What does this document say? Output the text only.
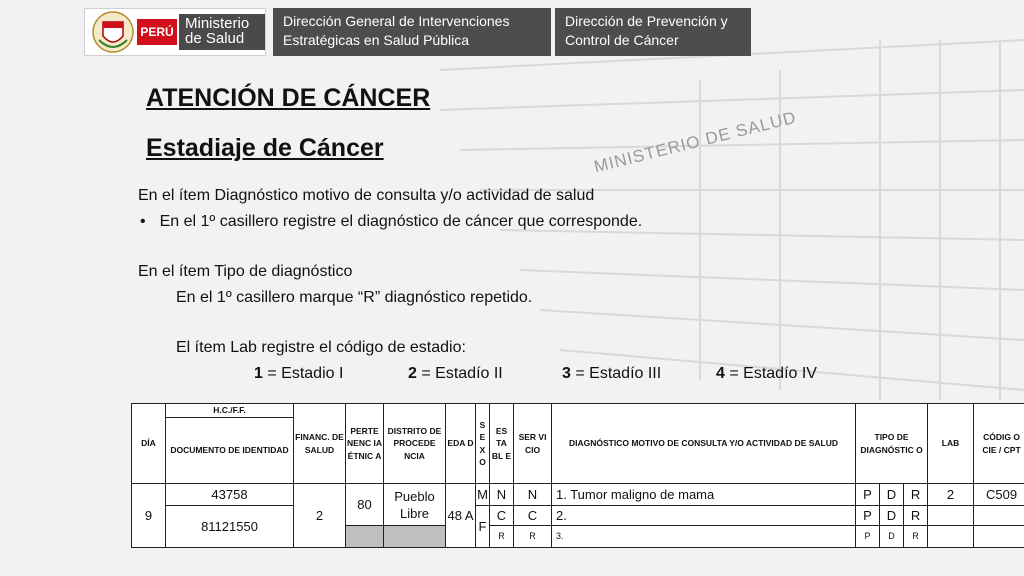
PERÚ Ministerio de Salud
Dirección General de Intervenciones Estratégicas en Salud Pública
Dirección de Prevención y Control de Cáncer
ATENCIÓN DE CÁNCER
Estadiaje de Cáncer	MINISTERIO DE SALUD

En el ítem Diagnóstico motivo de consulta y/o actividad de salud

• En el 1º casillero registre el diagnóstico de cáncer que corresponde.

En el ítem Tipo de diagnóstico

En el 1º casillero marque “R” diagnóstico repetido.

El ítem Lab registre el código de estadio:

1 = Estadio I	2 = Estadío II	3 = Estadío III	4 = Estadío IV

DÍA	H.C./F.F.	FINANC. DE SALUD	PERTE NENC IA ÉTNIC A	DISTRITO DE PROCEDE NCIA	EDA D	S E X O	ES TA BL E	SER VI CIO	DIAGNÓSTICO MOTIVO DE CONSULTA Y/O ACTIVIDAD DE SALUD	TIPO DE DIAGNÓSTIC O			LAB	CÓDIG O CIE / CPT
	DOCUMENTO DE IDENTIDAD													
9	43758	2	80	Pueblo Libre	48 A	M	N	N	1. Tumor maligno de mama	P	D	R	2	C509
	81121550					F	C	C	2.	P	D	R		
							R	R	3.	P	D	R		
